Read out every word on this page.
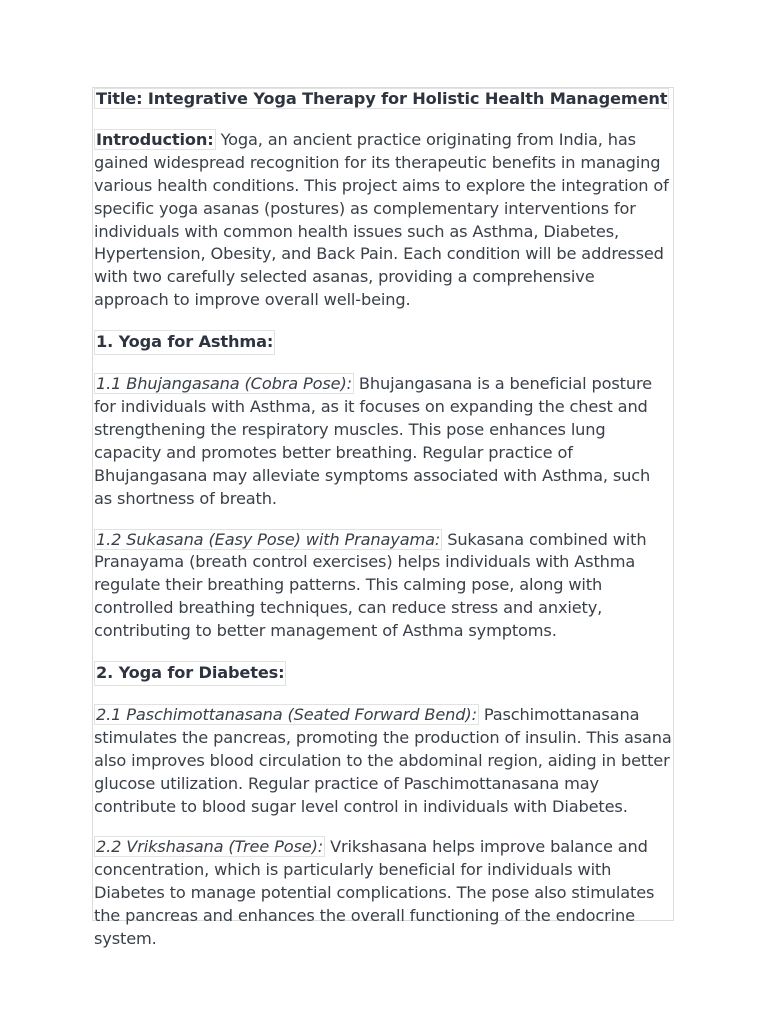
Title: Integrative Yoga Therapy for Holistic Health Management

Introduction: Yoga, an ancient practice originating from India, has gained widespread recognition for its therapeutic benefits in managing various health conditions. This project aims to explore the integration of specific yoga asanas (postures) as complementary interventions for individuals with common health issues such as Asthma, Diabetes, Hypertension, Obesity, and Back Pain. Each condition will be addressed with two carefully selected asanas, providing a comprehensive approach to improve overall well-being.

1. Yoga for Asthma:

1.1 Bhujangasana (Cobra Pose): Bhujangasana is a beneficial posture for individuals with Asthma, as it focuses on expanding the chest and strengthening the respiratory muscles. This pose enhances lung capacity and promotes better breathing. Regular practice of Bhujangasana may alleviate symptoms associated with Asthma, such as shortness of breath.

1.2 Sukasana (Easy Pose) with Pranayama: Sukasana combined with Pranayama (breath control exercises) helps individuals with Asthma regulate their breathing patterns. This calming pose, along with controlled breathing techniques, can reduce stress and anxiety, contributing to better management of Asthma symptoms.

2. Yoga for Diabetes:

2.1 Paschimottanasana (Seated Forward Bend): Paschimottanasana stimulates the pancreas, promoting the production of insulin. This asana also improves blood circulation to the abdominal region, aiding in better glucose utilization. Regular practice of Paschimottanasana may contribute to blood sugar level control in individuals with Diabetes.

2.2 Vrikshasana (Tree Pose): Vrikshasana helps improve balance and concentration, which is particularly beneficial for individuals with Diabetes to manage potential complications. The pose also stimulates the pancreas and enhances the overall functioning of the endocrine system.
